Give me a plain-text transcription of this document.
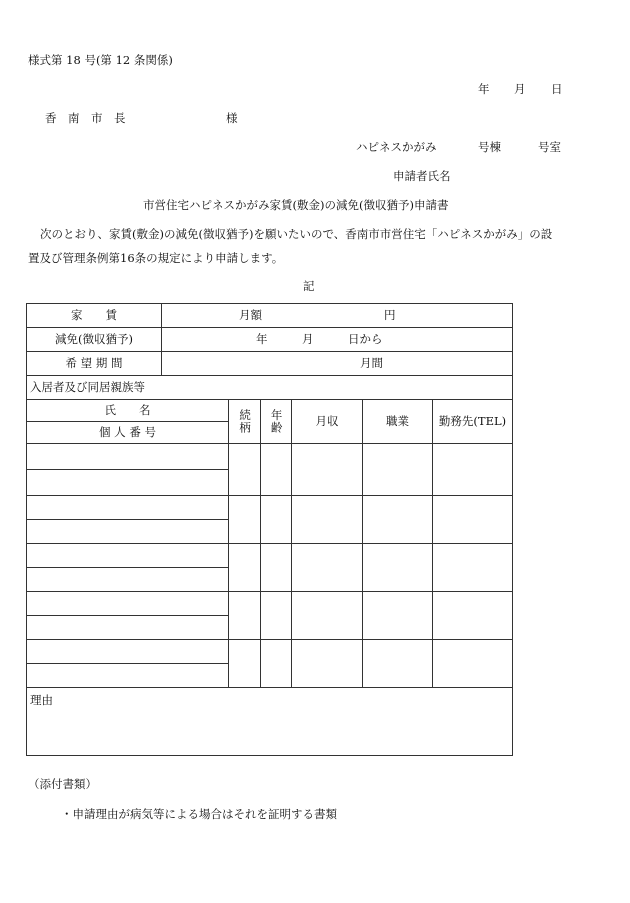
様式第 18 号(第 12 条関係)
年 月 日
香　南　市　長	様
ハピネスかがみ	号棟	号室
申請者氏名
市営住宅ハピネスかがみ家賃(敷金)の減免(徴収猶予)申請書
次のとおり、家賃(敷金)の減免(徴収猶予)を願いたいので、香南市市営住宅「ハピネスかがみ」の設
置及び管理条例第16条の規定により申請します。
記
家　　賃	月額 円

減免(徴収猶予)	年　　　月　　　日から
希 望 期 間	月間
入居者及び同居親族等	
氏　　名	続柄	年齢	月収	職業	勤務先(TEL)
個 人 番 号					

理由					
（添付書類）
・申請理由が病気等による場合はそれを証明する書類
